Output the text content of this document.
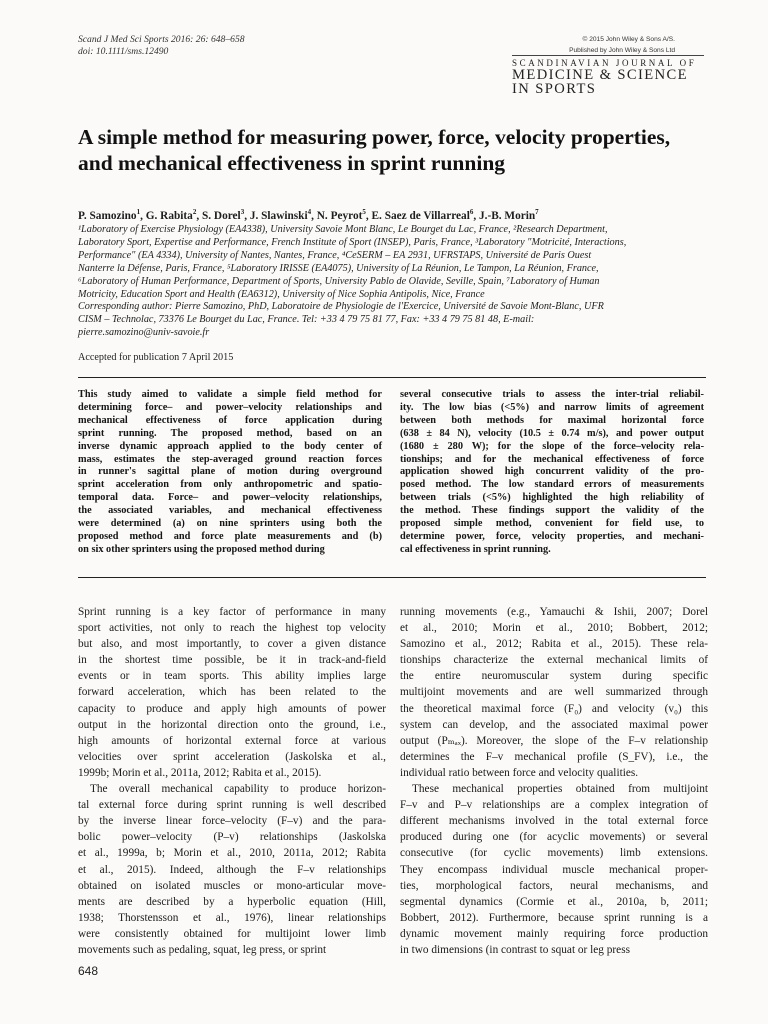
Scand J Med Sci Sports 2016: 26: 648–658
doi: 10.1111/sms.12490
© 2015 John Wiley & Sons A/S.
Published by John Wiley & Sons Ltd
SCANDINAVIAN JOURNAL OF
MEDICINE & SCIENCE
IN SPORTS
A simple method for measuring power, force, velocity properties,
and mechanical effectiveness in sprint running
P. Samozino$^1$, G. Rabita$^2$, S. Dorel$^3$, J. Slawinski$^4$, N. Peyrot$^5$, E. Saez de Villarreal$^6$, J.-B. Morin$^7$
¹Laboratory of Exercise Physiology (EA4338), University Savoie Mont Blanc, Le Bourget du Lac, France, ²Research Department,
Laboratory Sport, Expertise and Performance, French Institute of Sport (INSEP), Paris, France, ³Laboratory "Motricité, Interactions,
Performance" (EA 4334), University of Nantes, Nantes, France, ⁴CeSERM – EA 2931, UFRSTAPS, Université de Paris Ouest
Nanterre la Défense, Paris, France, ⁵Laboratory IRISSE (EA4075), University of La Réunion, Le Tampon, La Réunion, France,
⁶Laboratory of Human Performance, Department of Sports, University Pablo de Olavide, Seville, Spain, ⁷Laboratory of Human
Motricity, Education Sport and Health (EA6312), University of Nice Sophia Antipolis, Nice, France
Corresponding author: Pierre Samozino, PhD, Laboratoire de Physiologie de l'Exercice, Université de Savoie Mont-Blanc, UFR
CISM – Technolac, 73376 Le Bourget du Lac, France. Tel: +33 4 79 75 81 77, Fax: +33 4 79 75 81 48, E-mail:
pierre.samozino@univ-savoie.fr
Accepted for publication 7 April 2015
This study aimed to validate a simple field method for
determining force– and power–velocity relationships and
mechanical effectiveness of force application during
sprint running. The proposed method, based on an
inverse dynamic approach applied to the body center of
mass, estimates the step-averaged ground reaction forces
in runner's sagittal plane of motion during overground
sprint acceleration from only anthropometric and spatio-
temporal data. Force– and power–velocity relationships,
the associated variables, and mechanical effectiveness
were determined (a) on nine sprinters using both the
proposed method and force plate measurements and (b)
on six other sprinters using the proposed method during
several consecutive trials to assess the inter-trial reliabil-
ity. The low bias (<5%) and narrow limits of agreement
between both methods for maximal horizontal force
(638 ± 84 N), velocity (10.5 ± 0.74 m/s), and power output
(1680 ± 280 W); for the slope of the force–velocity rela-
tionships; and for the mechanical effectiveness of force
application showed high concurrent validity of the pro-
posed method. The low standard errors of measurements
between trials (<5%) highlighted the high reliability of
the method. These findings support the validity of the
proposed simple method, convenient for field use, to
determine power, force, velocity properties, and mechani-
cal effectiveness in sprint running.
Sprint running is a key factor of performance in many
sport activities, not only to reach the highest top velocity
but also, and most importantly, to cover a given distance
in the shortest time possible, be it in track-and-field
events or in team sports. This ability implies large
forward acceleration, which has been related to the
capacity to produce and apply high amounts of power
output in the horizontal direction onto the ground, i.e.,
high amounts of horizontal external force at various
velocities over sprint acceleration (Jaskolska et al.,
1999b; Morin et al., 2011a, 2012; Rabita et al., 2015).
The overall mechanical capability to produce horizon-
tal external force during sprint running is well described
by the inverse linear force–velocity (F–v) and the para-
bolic power–velocity (P–v) relationships (Jaskolska
et al., 1999a, b; Morin et al., 2010, 2011a, 2012; Rabita
et al., 2015). Indeed, although the F–v relationships
obtained on isolated muscles or mono-articular move-
ments are described by a hyperbolic equation (Hill,
1938; Thorstensson et al., 1976), linear relationships
were consistently obtained for multijoint lower limb
movements such as pedaling, squat, leg press, or sprint
running movements (e.g., Yamauchi & Ishii, 2007; Dorel
et al., 2010; Morin et al., 2010; Bobbert, 2012;
Samozino et al., 2012; Rabita et al., 2015). These rela-
tionships characterize the external mechanical limits of
the entire neuromuscular system during specific
multijoint movements and are well summarized through
the theoretical maximal force (F₀) and velocity (v₀) this
system can develop, and the associated maximal power
output (Pₘₐₓ). Moreover, the slope of the F–v relationship
determines the F–v mechanical profile (S_FV), i.e., the
individual ratio between force and velocity qualities.
These mechanical properties obtained from multijoint
F–v and P–v relationships are a complex integration of
different mechanisms involved in the total external force
produced during one (for acyclic movements) or several
consecutive (for cyclic movements) limb extensions.
They encompass individual muscle mechanical proper-
ties, morphological factors, neural mechanisms, and
segmental dynamics (Cormie et al., 2010a, b, 2011;
Bobbert, 2012). Furthermore, because sprint running is a
dynamic movement mainly requiring force production
in two dimensions (in contrast to squat or leg press
648
